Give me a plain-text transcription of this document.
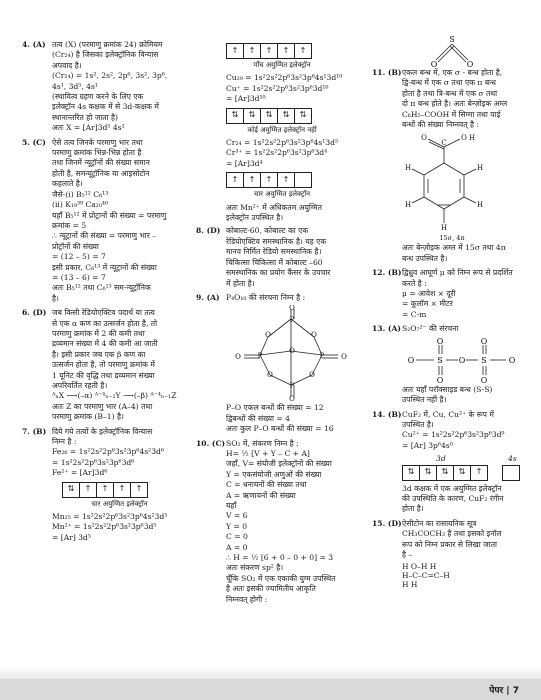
4. (A) तत्व (X) (परमाणु क्रमांक 24) क्रोमियम
(Cr₂₄) है जिसका इलेक्ट्रॉनिक विन्यास
अपवाद है।
(Cr₂₄) = 1s², 2s², 2p⁶, 3s², 3p⁶,
4s¹, 3d⁵, 4s¹
(स्थायित्व ग्रहण करने के लिए एक
इलेक्ट्रॉन 4s कक्षक में से 3d-कक्षक में
स्थानान्तरित हो जाता है)
अतः X = [Ar]3d⁵ 4s¹
5. (C) ऐसे तत्व जिनके परमाणु भार तथा
परमाणु क्रमांक भिन्न-भिन्न होता है
तथा जिनमें न्यूट्रॉनों की संख्या समान
होती है, समन्यूट्रॉनिक या आइसोटोन
कहलाते है।
जैसे-(i) B₅¹² C₆¹³
(ii) K₁₉³⁹ Ca₂₀⁴⁰
यहाँ B₅¹² में प्रोट्रानों की संख्या = परमाणु
क्रमांक = 5
∴ न्यूट्रानों की संख्या = परमाणु भार –
प्रोट्रॉनों की संख्या
= (12 – 5) = 7
इसी प्रकार, C₆¹³ में न्यूट्रानों की संख्या
= (13 – 6) = 7
अतः B₅¹² तथा C₆¹³ सम-न्यूट्रॉनिक
है।
6. (D) जब किसी रेडियोएक्टिव पदार्थ या तत्व
से एक α कण का उत्सर्जन होता है, तो
परमाणु क्रमांक में 2 की कमी तथा
द्रव्यमान संख्या में 4 की कमी आ जाती
है। इसी प्रकार जब एक β कण का
उत्सर्जन होता है, तो परमाणु क्रमांक में
1 यूनिट की वृद्धि तथा द्रव्यमान संख्या
अपरिवर्तित रहती है।
ᴬₙX ⟶(–α) ᴬ⁻⁴ₙ₋₂Y ⟶(–β) ᴬ⁻⁴ₙ₋₁Z
अतः Z का परमाणु भार (A–4) तथा
परमाणु क्रमांक (B–1) है।
7. (B) दिये गये तत्वों के इलेक्ट्रॉनिक विन्यास
निम्न है :
Fe₂₆ = 1s²2s²2p⁶3s²3p⁶4s²3d⁶
= 1s²2s²2p⁶3s²3p⁶3d⁶
Fe²⁺ = [Ar]3d⁶
⇅	↑	↑	↑	↑
चार अयुग्मित इलेक्ट्रॉन
Mn₂₅ = 1s²2s²2p⁶3s²3p⁶4s²3d⁵
Mn²⁺ = 1s²2s²2p⁶3s²3p⁶3d⁵
= [Ar] 3d⁵
↑	↑	↑	↑	↑
पाँच अयुग्मित इलेक्ट्रॉन
Cu₂₉ = 1s²2s²2p⁶3s²3p⁶4s¹3d¹⁰
Cu⁺ = 1s²2s²2p⁶3s²3p⁶3d¹⁰
= [Ar]3d¹⁰
⇅	⇅	⇅	⇅	⇅
कोई अयुग्मित इलेक्ट्रॉन नहीं
Cr₂₄ = 1s²2s²2p⁶3s²3p⁶4s¹3d⁵
Cr³⁺ = 1s²2s²2p⁶3s²3p⁶3d⁴
= [Ar]3d⁴
↑	↑	↑	↑
चार अयुग्मित इलेक्ट्रॉन
अतः Mn²⁺ में अधिकतम अयुग्मित
इलेक्ट्रॉन उपस्थित है।
8. (D) कोबाल्ट-60, कोबाल्ट का एक
रेडियोएक्टिव समस्थानिक है। यह एक
मानव निर्मित रेडियो समस्थानिक है।
चिकित्सा चिकित्सा में कोबाल्ट –60
समस्थानिक का प्रयोग कैंसर के उपचार
में होता है।
9. (A) P₄O₁₀ की संरचना निम्न है :
P
P	P
P
O	O
O	O
O
O
O	O
O
P–O एकल बन्धों की संख्या = 12
द्विबन्धों की संख्या = 4
अतः कुल P–O बन्धों की संख्या = 16
10. (C) SO₂ में, संकरण निम्न है :
H= ½ [V + Y – C + A]
जहाँ, V= संयोजी इलेक्ट्रॉनों की संख्या
Y = एकसंयोजी अणुओं की संख्या
C = धनायनों की संख्या तथा
A = ऋणायनों की संख्या
यहाँ
V = 6
Y = 0
C = 0
A = 0
∴ H = ½ [6 + 0 – 0 + 0] = 3
अतः संकरण sp² है।
चूँकि SO₂ में एक एकाकी युग्म उपस्थित
है अतः इसकी ज्यामितीय आकृति
निम्नवत् होगी :
S
O	O
11. (B) एकल बन्ध में, एक σ - बन्ध होता है,
द्वि-बन्ध में एक σ तथा एक π बन्ध
होता है तथा त्रि-बन्ध में एक σ तथा
दो π बन्ध होते है। अतः बेन्ज़ोइक अम्ल
C₆H₅–COOH में सिग्मा तथा पाई
बन्धों की संख्या निम्नवत् है :
O	O H
C
H
H
H
H
H
15σ, 4π
अतः बेन्ज़ोइक अम्ल में 15σ तथा 4π
बन्ध उपस्थित है।
12. (B) द्विध्रुव आघूर्ण μ को निम्न रूप से प्रदर्शित
करते है :
μ = आवेश × दूरी
= कूलॉम × मीटर
= C-m
13. (A) S₂O₇²⁻ की संरचना
S	S
O	O	O
O
O
O
O
अतः यहाँ परॉक्साइड बन्ध (S-S)
उपस्थित नहीं है।
14. (B) CuF₂ में, Cu, Cu²⁺ के रूप में
उपस्थित है।
Cu²⁺ = 1s²2s²2p⁶3s²3p⁶3d⁹
= [Ar] 3p⁶4s⁰
3d	4s
⇅	⇅	⇅	⇅	↑
3d कक्षक में एक अयुग्मित इलेक्ट्रॉन
की उपस्थिति के कारण, CuF₂ रंगीन
होता है।
15. (D) ऐसीटोन का रासायनिक सूत्र
CH₃COCH₃ है तथा इसको इनॉल
रूप को निम्न प्रकार से लिखा जाता
है –
H O–H H
H–C–C=C–H
H H
पेपर | 7
